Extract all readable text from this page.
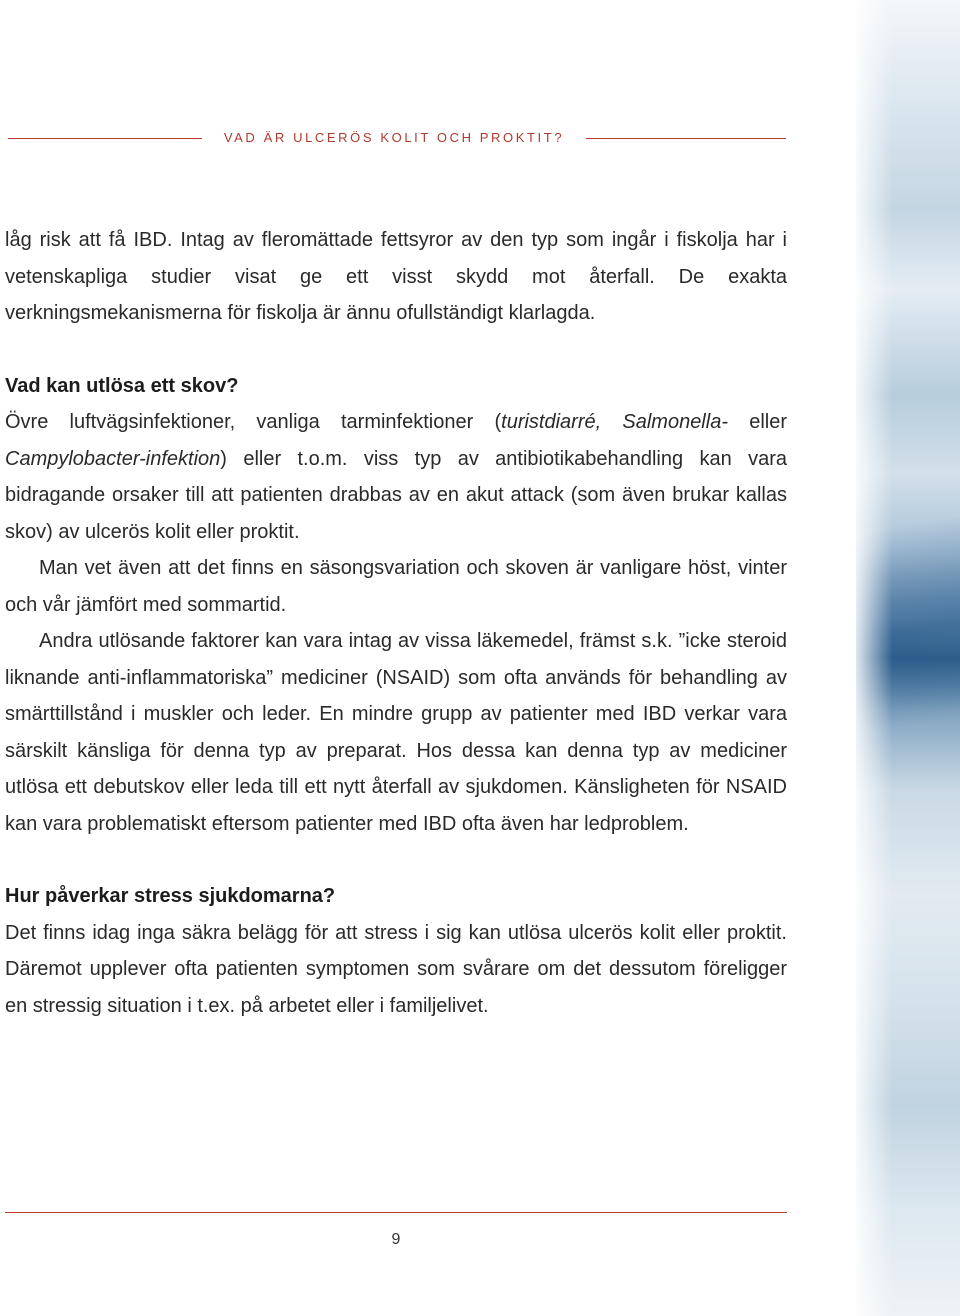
VAD ÄR ULCERÖS KOLIT OCH PROKTIT?

låg risk att få IBD. Intag av fleromättade fettsyror av den typ som ingår i fiskolja har i vetenskapliga studier visat ge ett visst skydd mot återfall. De exakta verkningsmekanismerna för fiskolja är ännu ofullständigt klarlagda.

Vad kan utlösa ett skov?

Övre luftvägsinfektioner, vanliga tarminfektioner (turistdiarré, Salmonella- eller Campylobacter-infektion) eller t.o.m. viss typ av antibiotikabehandling kan vara bidragande orsaker till att patienten drabbas av en akut attack (som även brukar kallas skov) av ulcerös kolit eller proktit.

Man vet även att det finns en säsongsvariation och skoven är vanligare höst, vinter och vår jämfört med sommartid.

Andra utlösande faktorer kan vara intag av vissa läkemedel, främst s.k. ”icke steroid liknande anti-inflammatoriska” mediciner (NSAID) som ofta används för behandling av smärttillstånd i muskler och leder. En mindre grupp av patienter med IBD verkar vara särskilt känsliga för denna typ av preparat. Hos dessa kan denna typ av mediciner utlösa ett debutskov eller leda till ett nytt återfall av sjukdomen. Känsligheten för NSAID kan vara problematiskt eftersom patienter med IBD ofta även har ledproblem.

Hur påverkar stress sjukdomarna?

Det finns idag inga säkra belägg för att stress i sig kan utlösa ulcerös kolit eller proktit. Däremot upplever ofta patienten symptomen som svårare om det dessutom föreligger en stressig situation i t.ex. på arbetet eller i familjelivet.

9
